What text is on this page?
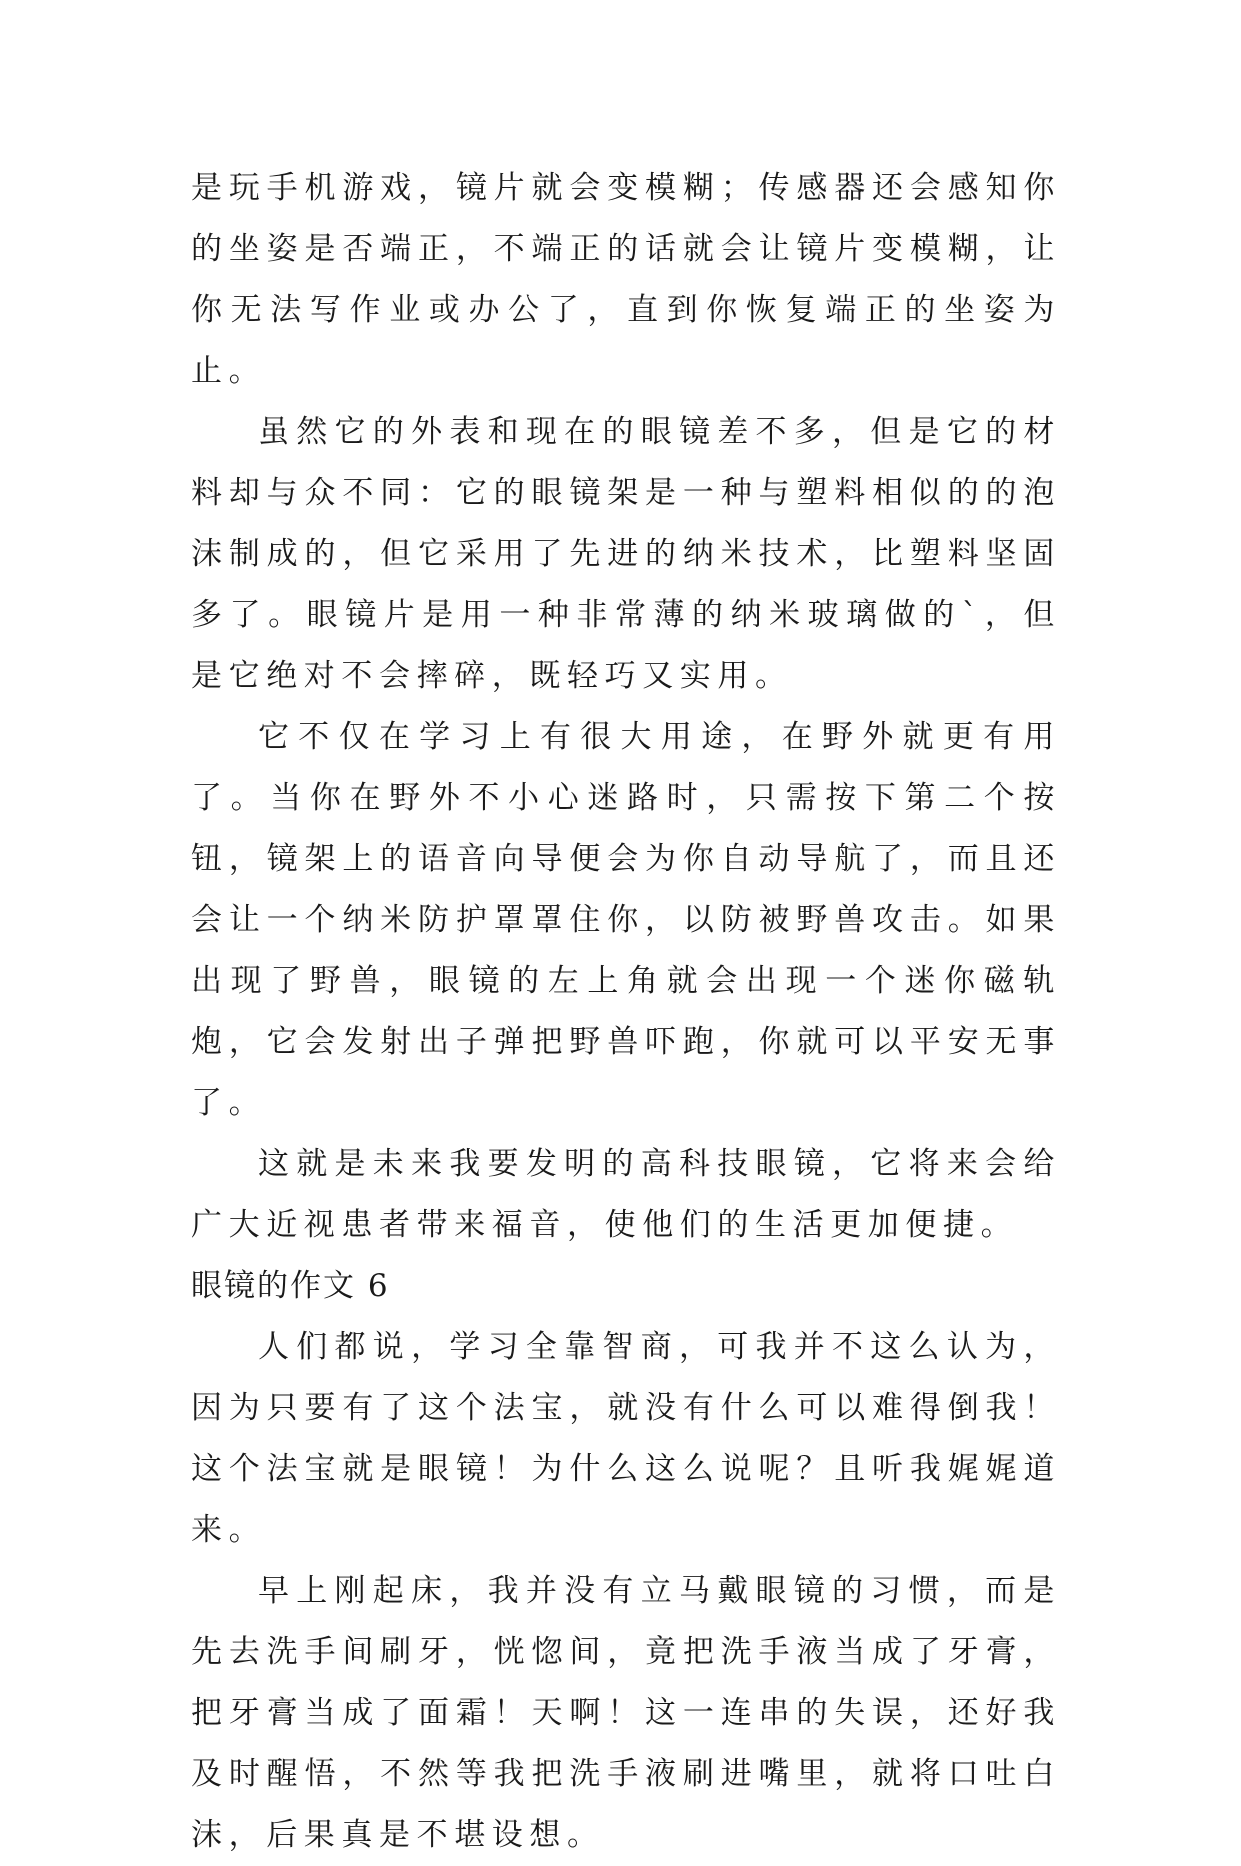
是玩手机游戏，镜片就会变模糊；传感器还会感知你的坐姿是否端正，不端正的话就会让镜片变模糊，让你无法写作业或办公了，直到你恢复端正的坐姿为止。

虽然它的外表和现在的眼镜差不多，但是它的材料却与众不同：它的眼镜架是一种与塑料相似的的泡沫制成的，但它采用了先进的纳米技术，比塑料坚固多了。眼镜片是用一种非常薄的纳米玻璃做的`，但是它绝对不会摔碎，既轻巧又实用。

它不仅在学习上有很大用途，在野外就更有用了。当你在野外不小心迷路时，只需按下第二个按钮，镜架上的语音向导便会为你自动导航了，而且还会让一个纳米防护罩罩住你，以防被野兽攻击。如果出现了野兽，眼镜的左上角就会出现一个迷你磁轨炮，它会发射出子弹把野兽吓跑，你就可以平安无事了。

这就是未来我要发明的高科技眼镜，它将来会给广大近视患者带来福音，使他们的生活更加便捷。

眼镜的作文 6

人们都说，学习全靠智商，可我并不这么认为，因为只要有了这个法宝，就没有什么可以难得倒我！这个法宝就是眼镜！为什么这么说呢？且听我娓娓道来。

早上刚起床，我并没有立马戴眼镜的习惯，而是先去洗手间刷牙，恍惚间，竟把洗手液当成了牙膏，把牙膏当成了面霜！天啊！这一连串的失误，还好我及时醒悟，不然等我把洗手液刷进嘴里，就将口吐白沫，后果真是不堪设想。
